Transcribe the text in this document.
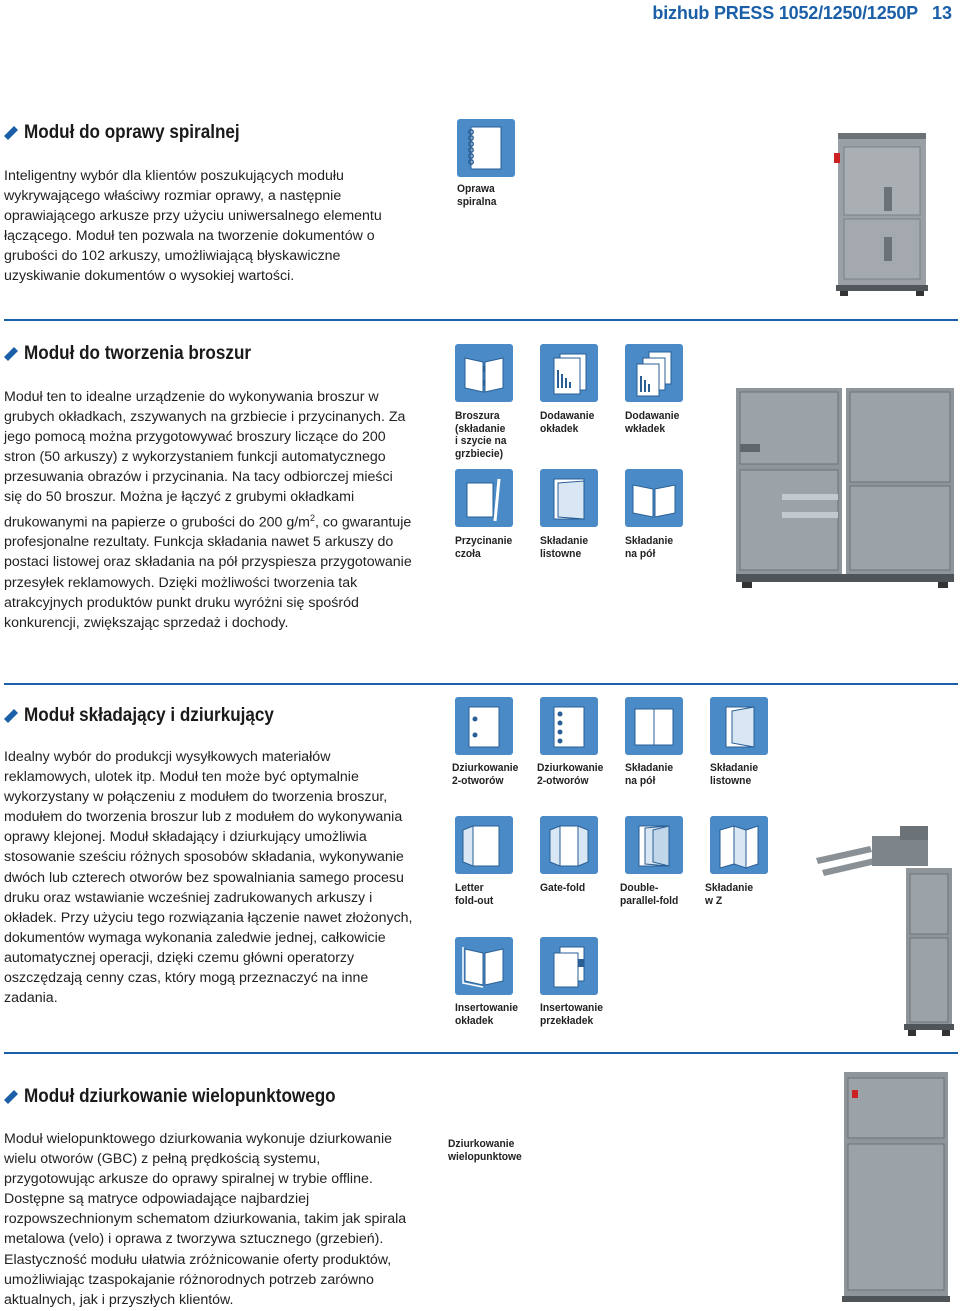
bizhub PRESS 1052/1250/1250P 13
Moduł do oprawy spiralnej
Inteligentny wybór dla klientów poszukujących modułu wykrywającego właściwy rozmiar oprawy, a następnie oprawiającego arkusze przy użyciu uniwersalnego elementu łączącego. Moduł ten pozwala na tworzenie dokumentów o grubości do 102 arkuszy, umożliwiającą błyskawiczne uzyskiwanie dokumentów o wysokiej wartości.
Oprawa
spiralna
Moduł do tworzenia broszur
Moduł ten to idealne urządzenie do wykonywania broszur w grubych okładkach, zszywanych na grzbiecie i przycinanych. Za jego pomocą można przygotowywać broszury liczące do 200 stron (50 arkuszy) z wykorzystaniem funkcji automatycznego przesuwania obrazów i przycinania. Na tacy odbiorczej mieści się do 50 broszur. Można je łączyć z grubymi okładkami drukowanymi na papierze o grubości do 200 $g/m^2$, co gwarantuje profesjonalne rezultaty. Funkcja składania nawet 5 arkuszy do postaci listowej oraz składania na pół przyspiesza przygotowanie przesyłek reklamowych. Dzięki możliwości tworzenia tak atrakcyjnych produktów punkt druku wyróżni się spośród konkurencji, zwiększając sprzedaż i dochody.
Broszura
(składanie
i szycie na
grzbiecie)
Dodawanie
okładek
Dodawanie
wkładek
Przycinanie
czoła
Składanie
listowne
Składanie
na pół
Moduł składający i dziurkujący
Idealny wybór do produkcji wysyłkowych materiałów reklamowych, ulotek itp. Moduł ten może być optymalnie wykorzystany w połączeniu z modułem do tworzenia broszur, modułem do tworzenia broszur lub z modułem do wykonywania oprawy klejonej. Moduł składający i dziurkujący umożliwia stosowanie sześciu różnych sposobów składania, wykonywanie dwóch lub czterech otworów bez spowalniania samego procesu druku oraz wstawianie wcześniej zadrukowanych arkuszy i okładek. Przy użyciu tego rozwiązania łączenie nawet złożonych, dokumentów wymaga wykonania zaledwie jednej, całkowicie automatycznej operacji, dzięki czemu główni operatorzy oszczędzają cenny czas, który mogą przeznaczyć na inne zadania.
Dziurkowanie
2-otworów
Dziurkowanie
2-otworów
Składanie
na pół
Składanie
listowne
Letter
fold-out
Gate-fold	Double-
parallel-fold
Składanie
w Z
Insertowanie
okładek
Insertowanie
przekładek
Moduł dziurkowanie wielopunktowego
Moduł wielopunktowego dziurkowania wykonuje dziurkowanie wielu otworów (GBC) z pełną prędkością systemu, przygotowując arkusze do oprawy spiralnej w trybie offline. Dostępne są matryce odpowiadające najbardziej rozpowszechnionym schematom dziurkowania, takim jak spirala metalowa (velo) i oprawa z tworzywa sztucznego (grzebień). Elastyczność modułu ułatwia zróżnicowanie oferty produktów, umożliwiając tzaspokajanie różnorodnych potrzeb zarówno aktualnych, jak i przyszłych klientów.
Dziurkowanie
wielopunktowe
